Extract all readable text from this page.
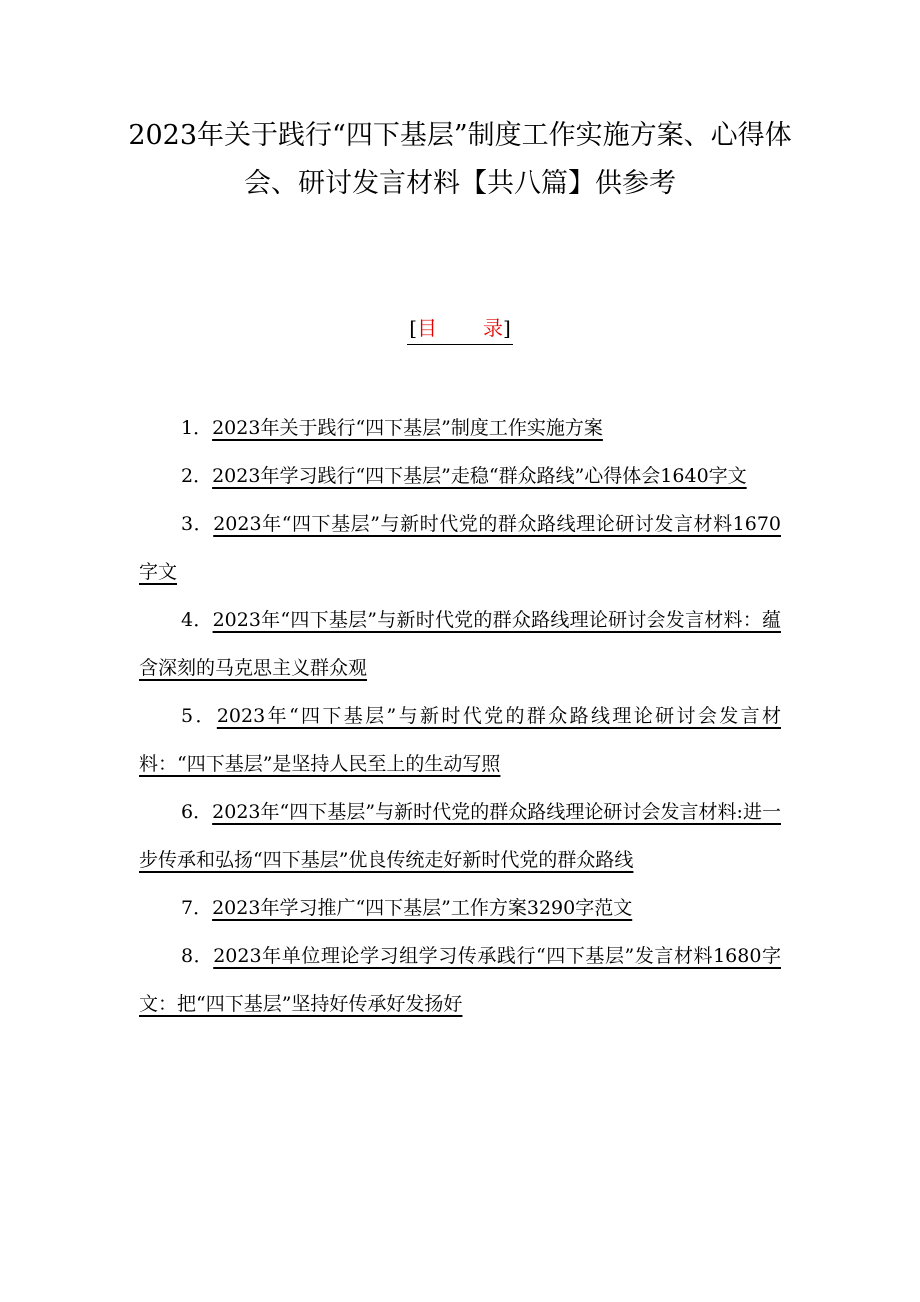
2023年关于践行“四下基层”制度工作实施方案、心得体会、研讨发言材料【共八篇】供参考
[目 录]
1．2023年关于践行“四下基层”制度工作实施方案
2．2023年学习践行“四下基层”走稳“群众路线”心得体会1640字文
3．2023年“四下基层”与新时代党的群众路线理论研讨发言材料1670字文
4．2023年“四下基层”与新时代党的群众路线理论研讨会发言材料：蕴含深刻的马克思主义群众观
5．2023年“四下基层”与新时代党的群众路线理论研讨会发言材料：“四下基层”是坚持人民至上的生动写照
6．2023年“四下基层”与新时代党的群众路线理论研讨会发言材料:进一步传承和弘扬“四下基层”优良传统走好新时代党的群众路线
7．2023年学习推广“四下基层”工作方案3290字范文
8．2023年单位理论学习组学习传承践行“四下基层”发言材料1680字文：把“四下基层”坚持好传承好发扬好
